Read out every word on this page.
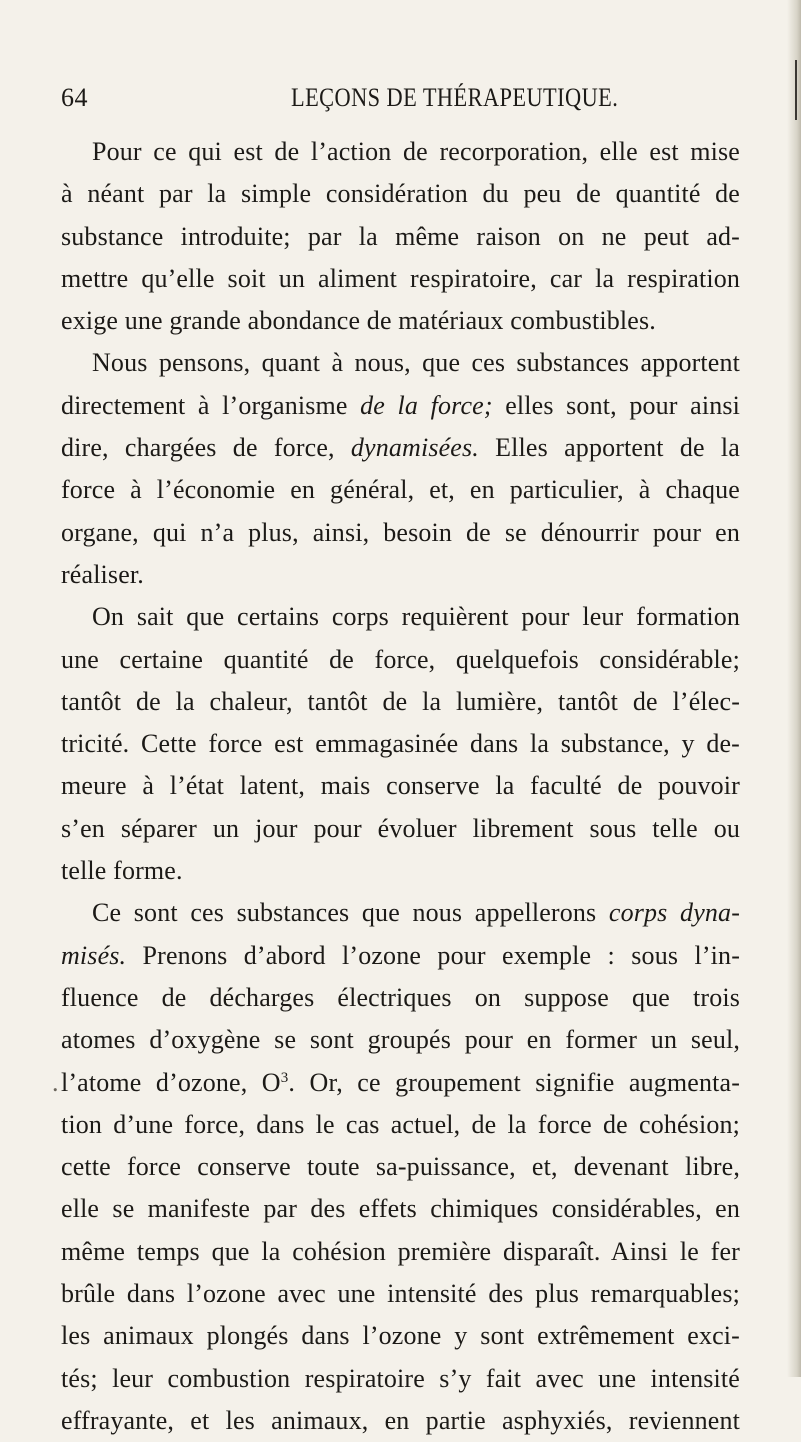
64	LEÇONS DE THÉRAPEUTIQUE.
Pour ce qui est de l’action de recorporation, elle est mise
à néant par la simple considération du peu de quantité de
substance introduite; par la même raison on ne peut ad-
mettre qu’elle soit un aliment respiratoire, car la respiration
exige une grande abondance de matériaux combustibles.
Nous pensons, quant à nous, que ces substances apportent
directement à l’organisme de la force; elles sont, pour ainsi
dire, chargées de force, dynamisées. Elles apportent de la
force à l’économie en général, et, en particulier, à chaque
organe, qui n’a plus, ainsi, besoin de se dénourrir pour en
réaliser.
On sait que certains corps requièrent pour leur formation
une certaine quantité de force, quelquefois considérable;
tantôt de la chaleur, tantôt de la lumière, tantôt de l’élec-
tricité. Cette force est emmagasinée dans la substance, y de-
meure à l’état latent, mais conserve la faculté de pouvoir
s’en séparer un jour pour évoluer librement sous telle ou
telle forme.
Ce sont ces substances que nous appellerons corps dyna-
misés. Prenons d’abord l’ozone pour exemple : sous l’in-
fluence de décharges électriques on suppose que trois
atomes d’oxygène se sont groupés pour en former un seul,
. l’atome d’ozone, $O^3$. Or, ce groupement signifie augmenta-
tion d’une force, dans le cas actuel, de la force de cohésion;
cette force conserve toute sa-puissance, et, devenant libre,
elle se manifeste par des effets chimiques considérables, en
même temps que la cohésion première disparaît. Ainsi le fer
brûle dans l’ozone avec une intensité des plus remarquables;
les animaux plongés dans l’ozone y sont extrêmement exci-
tés; leur combustion respiratoire s’y fait avec une intensité
effrayante, et les animaux, en partie asphyxiés, reviennent
